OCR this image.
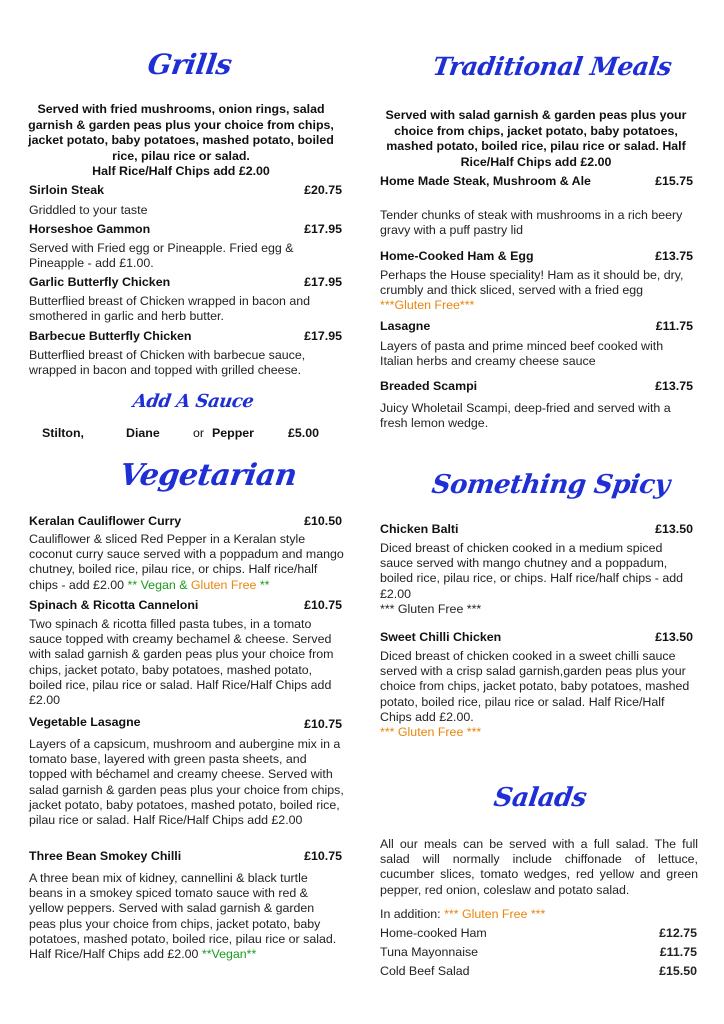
Grills
Served with fried mushrooms, onion rings, salad garnish & garden peas plus your choice from chips, jacket potato, baby potatoes, mashed potato, boiled rice, pilau rice or salad.
Half Rice/Half Chips add £2.00
Sirloin Steak	£20.75
Griddled to your taste
Horseshoe Gammon	£17.95
Served with Fried egg or Pineapple. Fried egg & Pineapple - add £1.00.
Garlic Butterfly Chicken	£17.95
Butterflied breast of Chicken wrapped in bacon and smothered in garlic and herb butter.
Barbecue Butterfly Chicken	£17.95
Butterflied breast of Chicken with barbecue sauce, wrapped in bacon and topped with grilled cheese.
Add A Sauce
Stilton,	Diane	or Pepper	£5.00
Vegetarian
Keralan Cauliflower Curry	£10.50
Cauliflower & sliced Red Pepper in a Keralan style coconut curry sauce served with a poppadum and mango chutney, boiled rice, pilau rice, or chips. Half rice/half chips - add £2.00 ** Vegan & Gluten Free **
Spinach & Ricotta Canneloni	£10.75
Two spinach & ricotta filled pasta tubes, in a tomato sauce topped with creamy bechamel & cheese. Served with salad garnish & garden peas plus your choice from chips, jacket potato, baby potatoes, mashed potato, boiled rice, pilau rice or salad. Half Rice/Half Chips add £2.00
Vegetable Lasagne	£10.75
Layers of a capsicum, mushroom and aubergine mix in a tomato base, layered with green pasta sheets, and topped with béchamel and creamy cheese. Served with salad garnish & garden peas plus your choice from chips, jacket potato, baby potatoes, mashed potato, boiled rice, pilau rice or salad. Half Rice/Half Chips add £2.00
Three Bean Smokey Chilli	£10.75
A three bean mix of kidney, cannellini & black turtle beans in a smokey spiced tomato sauce with red & yellow peppers. Served with salad garnish & garden peas plus your choice from chips, jacket potato, baby potatoes, mashed potato, boiled rice, pilau rice or salad. Half Rice/Half Chips add £2.00 **Vegan**
Traditional Meals
Served with salad garnish & garden peas plus your choice from chips, jacket potato, baby potatoes, mashed potato, boiled rice, pilau rice or salad. Half Rice/Half Chips add £2.00
Home Made Steak, Mushroom & Ale	£15.75
Tender chunks of steak with mushrooms in a rich beery gravy with a puff pastry lid
Home-Cooked Ham & Egg	£13.75
Perhaps the House speciality! Ham as it should be, dry, crumbly and thick sliced, served with a fried egg
***Gluten Free***
Lasagne	£11.75
Layers of pasta and prime minced beef cooked with Italian herbs and creamy cheese sauce
Breaded Scampi	£13.75
Juicy Wholetail Scampi, deep-fried and served with a fresh lemon wedge.
Something Spicy
Chicken Balti	£13.50
Diced breast of chicken cooked in a medium spiced sauce served with mango chutney and a poppadum, boiled rice, pilau rice, or chips. Half rice/half chips - add £2.00
*** Gluten Free ***
Sweet Chilli Chicken	£13.50
Diced breast of chicken cooked in a sweet chilli sauce served with a crisp salad garnish,garden peas plus your choice from chips, jacket potato, baby potatoes, mashed potato, boiled rice, pilau rice or salad. Half Rice/Half Chips add £2.00.
*** Gluten Free ***
Salads
All our meals can be served with a full salad. The full salad will normally include chiffonade of lettuce, cucumber slices, tomato wedges, red yellow and green pepper, red onion, coleslaw and potato salad.
In addition: *** Gluten Free ***
Home-cooked Ham	£12.75
Tuna Mayonnaise	£11.75
Cold Beef Salad	£15.50
